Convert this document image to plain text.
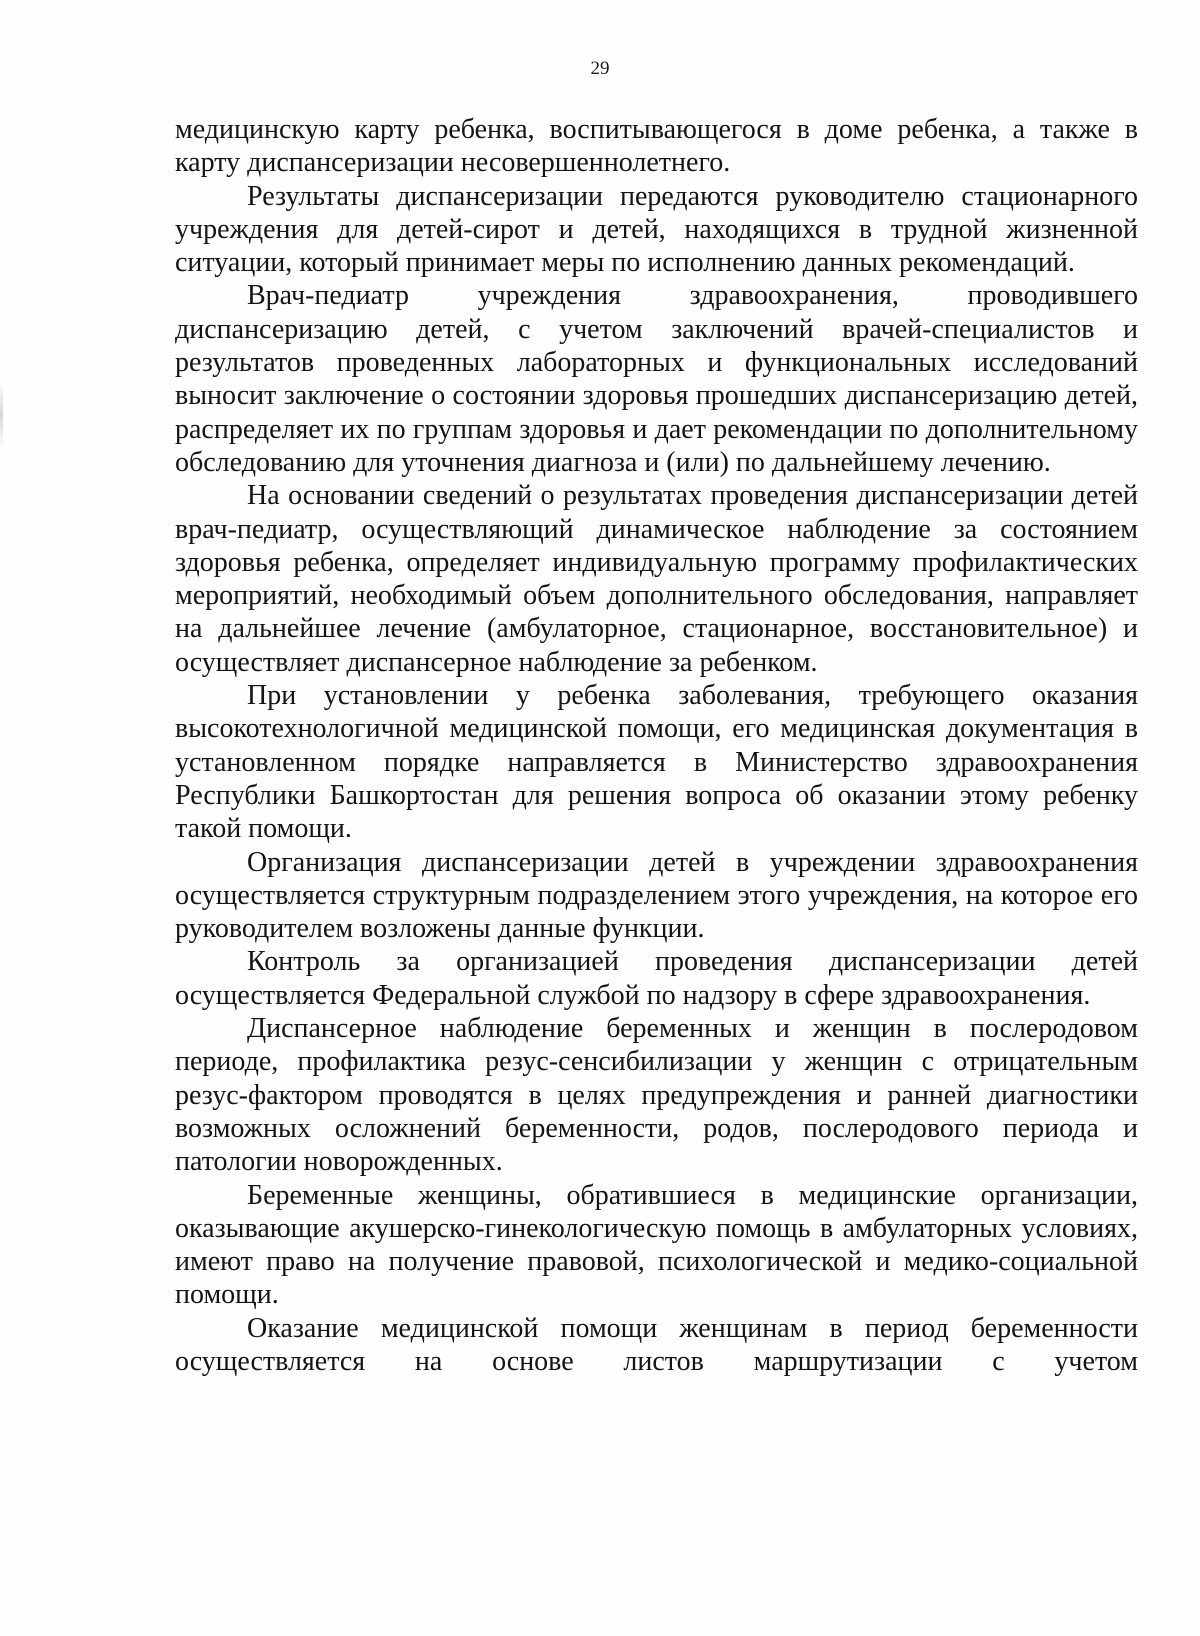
29

медицинскую карту ребенка, воспитывающегося в доме ребенка, а также в карту диспансеризации несовершеннолетнего.

Результаты диспансеризации передаются руководителю стационарного учреждения для детей-сирот и детей, находящихся в трудной жизненной ситуации, который принимает меры по исполнению данных рекомендаций.

Врач-педиатр учреждения здравоохранения, проводившего диспансеризацию детей, с учетом заключений врачей-специалистов и результатов проведенных лабораторных и функциональных исследований выносит заключение о состоянии здоровья прошедших диспансеризацию детей, распределяет их по группам здоровья и дает рекомендации по дополнительному обследованию для уточнения диагноза и (или) по дальнейшему лечению.

На основании сведений о результатах проведения диспансеризации детей врач-педиатр, осуществляющий динамическое наблюдение за состоянием здоровья ребенка, определяет индивидуальную программу профилактических мероприятий, необходимый объем дополнительного обследования, направляет на дальнейшее лечение (амбулаторное, стационарное, восстановительное) и осуществляет диспансерное наблюдение за ребенком.

При установлении у ребенка заболевания, требующего оказания высокотехнологичной медицинской помощи, его медицинская документация в установленном порядке направляется в Министерство здравоохранения Республики Башкортостан для решения вопроса об оказании этому ребенку такой помощи.

Организация диспансеризации детей в учреждении здравоохранения осуществляется структурным подразделением этого учреждения, на которое его руководителем возложены данные функции.

Контроль за организацией проведения диспансеризации детей осуществляется Федеральной службой по надзору в сфере здравоохранения.

Диспансерное наблюдение беременных и женщин в послеродовом периоде, профилактика резус-сенсибилизации у женщин с отрицательным резус-фактором проводятся в целях предупреждения и ранней диагностики возможных осложнений беременности, родов, послеродового периода и патологии новорожденных.

Беременные женщины, обратившиеся в медицинские организации, оказывающие акушерско-гинекологическую помощь в амбулаторных условиях, имеют право на получение правовой, психологической и медико-социальной помощи.

Оказание медицинской помощи женщинам в период беременности осуществляется на основе листов маршрутизации с учетом
